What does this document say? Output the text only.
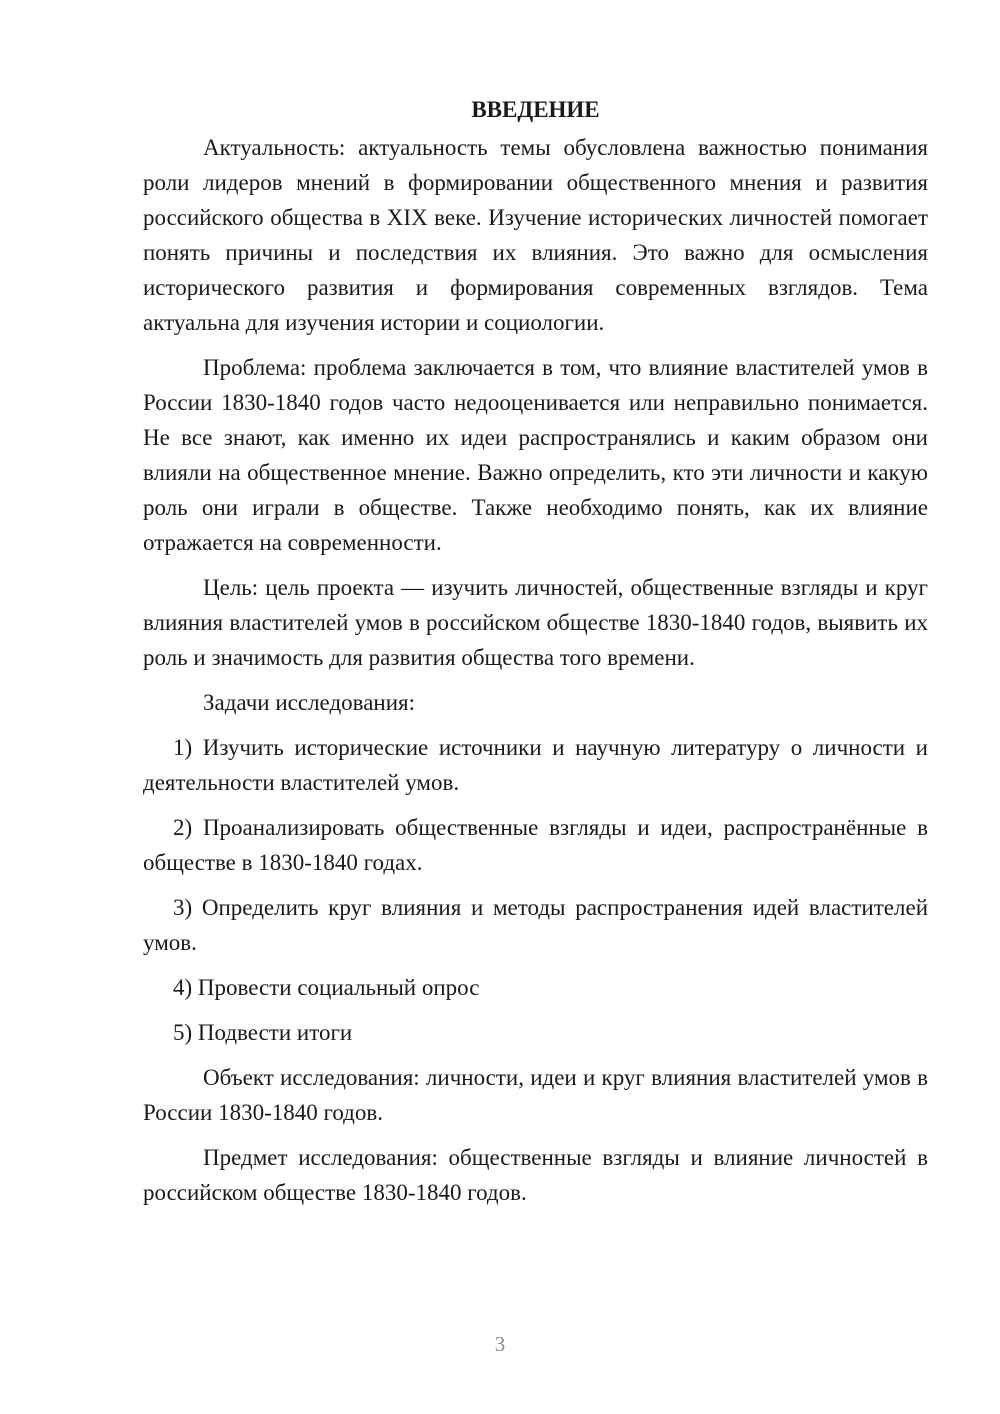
ВВЕДЕНИЕ

Актуальность: актуальность темы обусловлена важностью понимания роли лидеров мнений в формировании общественного мнения и развития российского общества в XIX веке. Изучение исторических личностей помогает понять причины и последствия их влияния. Это важно для осмысления исторического развития и формирования современных взглядов. Тема актуальна для изучения истории и социологии.

Проблема: проблема заключается в том, что влияние властителей умов в России 1830-1840 годов часто недооценивается или неправильно понимается. Не все знают, как именно их идеи распространялись и каким образом они влияли на общественное мнение. Важно определить, кто эти личности и какую роль они играли в обществе. Также необходимо понять, как их влияние отражается на современности.

Цель: цель проекта — изучить личностей, общественные взгляды и круг влияния властителей умов в российском обществе 1830-1840 годов, выявить их роль и значимость для развития общества того времени.

Задачи исследования:

1) Изучить исторические источники и научную литературу о личности и деятельности властителей умов.

2) Проанализировать общественные взгляды и идеи, распространённые в обществе в 1830-1840 годах.

3) Определить круг влияния и методы распространения идей властителей умов.

4) Провести социальный опрос

5) Подвести итоги

Объект исследования: личности, идеи и круг влияния властителей умов в России 1830-1840 годов.

Предмет исследования: общественные взгляды и влияние личностей в российском обществе 1830-1840 годов.

3
